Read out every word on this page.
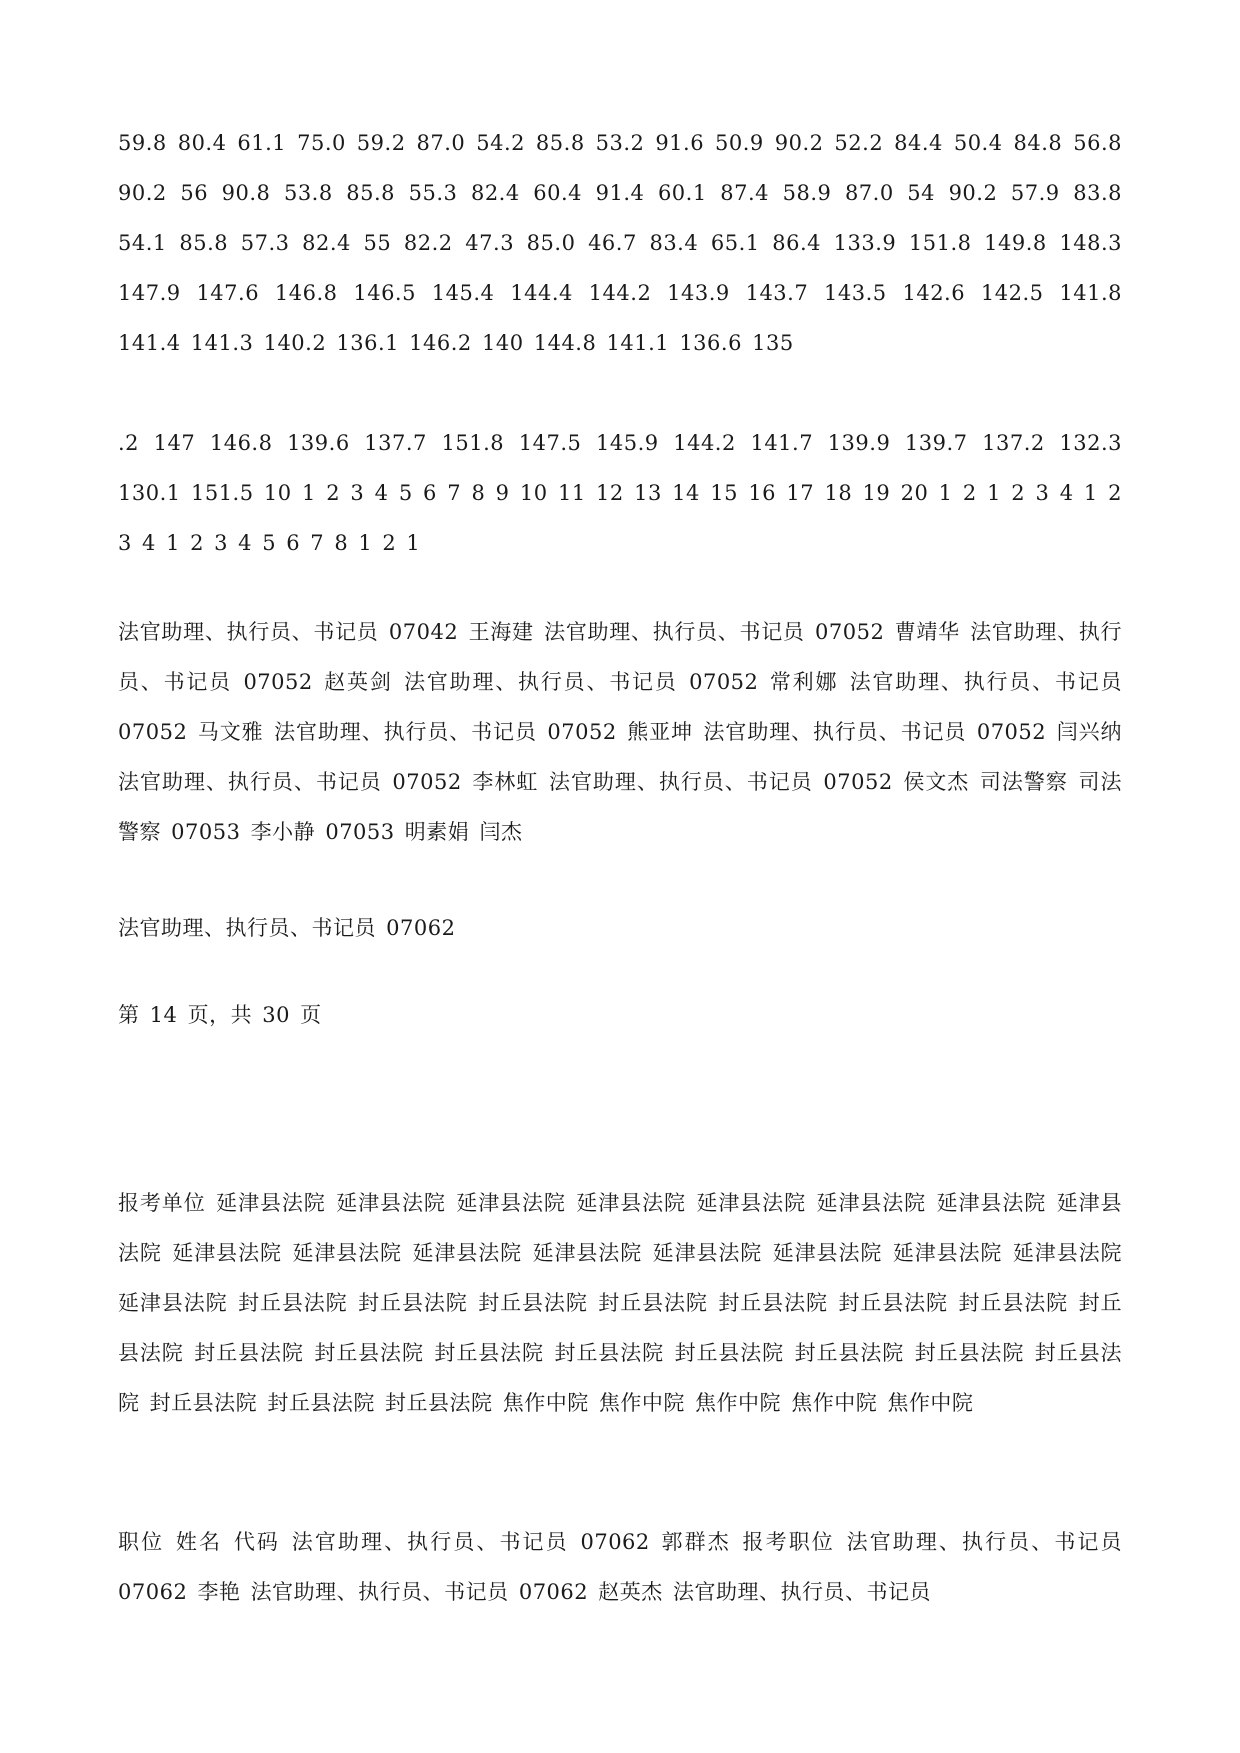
59.8 80.4 61.1 75.0 59.2 87.0 54.2 85.8 53.2 91.6 50.9 90.2 52.2 84.4 50.4 84.8 56.8 90.2 56 90.8 53.8 85.8 55.3 82.4 60.4 91.4 60.1 87.4 58.9 87.0 54 90.2 57.9 83.8 54.1 85.8 57.3 82.4 55 82.2 47.3 85.0 46.7 83.4 65.1 86.4 133.9 151.8 149.8 148.3 147.9 147.6 146.8 146.5 145.4 144.4 144.2 143.9 143.7 143.5 142.6 142.5 141.8 141.4 141.3 140.2 136.1 146.2 140 144.8 141.1 136.6 135

.2 147 146.8 139.6 137.7 151.8 147.5 145.9 144.2 141.7 139.9 139.7 137.2 132.3 130.1 151.5 10 1 2 3 4 5 6 7 8 9 10 11 12 13 14 15 16 17 18 19 20 1 2 1 2 3 4 1 2 3 4 1 2 3 4 5 6 7 8 1 2 1

法官助理、执行员、书记员 07042 王海建 法官助理、执行员、书记员 07052 曹靖华 法官助理、执行员、书记员 07052 赵英剑 法官助理、执行员、书记员 07052 常利娜 法官助理、执行员、书记员 07052 马文雅 法官助理、执行员、书记员 07052 熊亚坤 法官助理、执行员、书记员 07052 闫兴纳 法官助理、执行员、书记员 07052 李林虹 法官助理、执行员、书记员 07052 侯文杰 司法警察 司法警察 07053 李小静 07053 明素娟 闫杰

法官助理、执行员、书记员 07062

第 14 页，共 30 页

报考单位 延津县法院 延津县法院 延津县法院 延津县法院 延津县法院 延津县法院 延津县法院 延津县法院 延津县法院 延津县法院 延津县法院 延津县法院 延津县法院 延津县法院 延津县法院 延津县法院 延津县法院 封丘县法院 封丘县法院 封丘县法院 封丘县法院 封丘县法院 封丘县法院 封丘县法院 封丘县法院 封丘县法院 封丘县法院 封丘县法院 封丘县法院 封丘县法院 封丘县法院 封丘县法院 封丘县法院 封丘县法院 封丘县法院 封丘县法院 焦作中院 焦作中院 焦作中院 焦作中院 焦作中院

职位 姓名 代码 法官助理、执行员、书记员 07062 郭群杰 报考职位 法官助理、执行员、书记员 07062 李艳 法官助理、执行员、书记员 07062 赵英杰 法官助理、执行员、书记员
